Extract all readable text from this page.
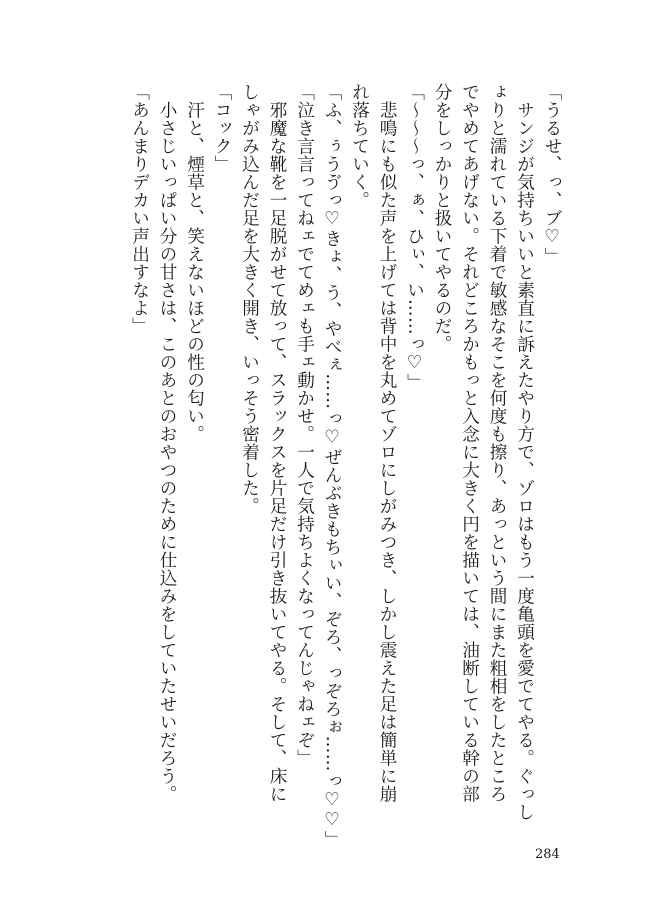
「うるせ、っ、ブ♡」
　サンジが気持ちいいと素直に訴えたやり方で、ゾロはもう一度亀頭を愛でてやる。ぐっし
ょりと濡れている下着で敏感なそこを何度も擦り、あっという間にまた粗相をしたところ
でやめてあげない。それどころかもっと入念に大きく円を描いては、油断している幹の部
分をしっかりと扱いてやるのだ。
「〜〜〜っ、ぁ、ひぃ、い……っ♡」
　悲鳴にも似た声を上げては背中を丸めてゾロにしがみつき、しかし震えた足は簡単に崩
れ落ちていく。
「ふ、ぅうゔっ♡きょ、う、やべぇ……っ♡ぜんぶきもちぃい、ぞろ、っぞろぉ……っ♡♡」
「泣き言言ってねェでてめェも手ェ動かせ。一人で気持ちよくなってんじゃねェぞ」
　邪魔な靴を一足脱がせて放って、スラックスを片足だけ引き抜いてやる。そして、床に
しゃがみ込んだ足を大きく開き、いっそう密着した。
「コック」
　汗と、煙草と、笑えないほどの性の匂い。
　小さじいっぱい分の甘さは、このあとのおやつのために仕込みをしていたせいだろう。
「あんまりデカい声出すなよ」
284
